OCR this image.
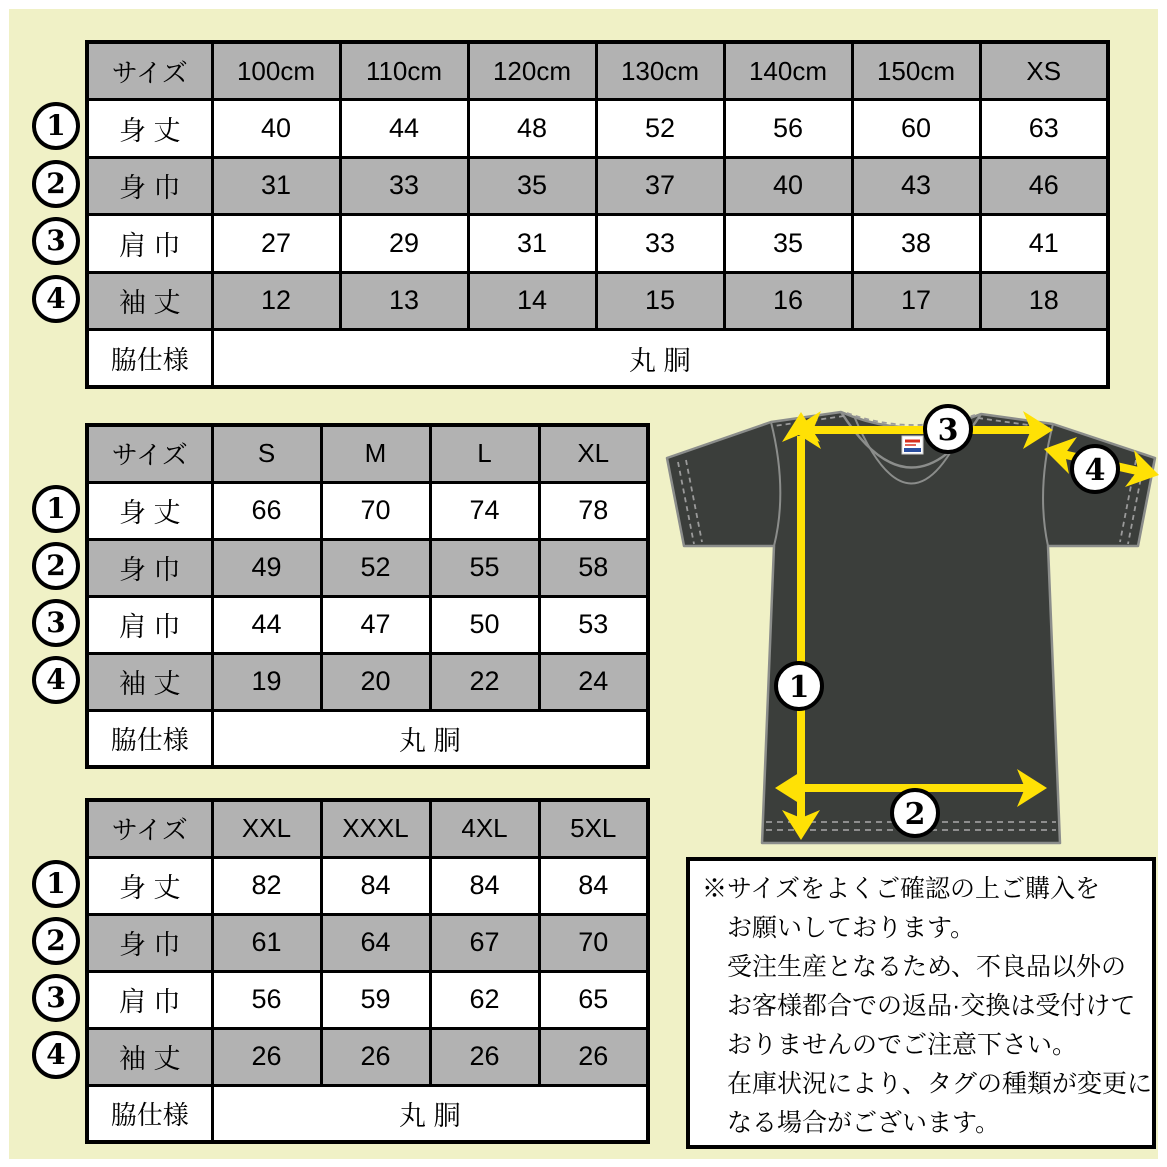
1
2
3
4
サイズ	100cm	110cm	120cm	130cm	140cm	150cm	XS
身 丈	40	44	48	52	56	60	63
身 巾	31	33	35	37	40	43	46
肩 巾	27	29	31	33	35	38	41
袖 丈	12	13	14	15	16	17	18
脇仕様	丸 胴						
1
2
3
4
サイズ	S	M	L	XL
身 丈	66	70	74	78
身 巾	49	52	55	58
肩 巾	44	47	50	53
袖 丈	19	20	22	24
脇仕様	丸 胴			
1
2
3
4
サイズ	XXL	XXXL	4XL	5XL
身 丈	82	84	84	84
身 巾	61	64	67	70
肩 巾	56	59	62	65
袖 丈	26	26	26	26
脇仕様	丸 胴			
1
2
3
4
※サイズをよくご確認の上ご購入を
　お願いしております。
　受注生産となるため、不良品以外の
　お客様都合での返品·交換は受付けて
　おりませんのでご注意下さい。
　在庫状況により、タグの種類が変更に
　なる場合がございます。
